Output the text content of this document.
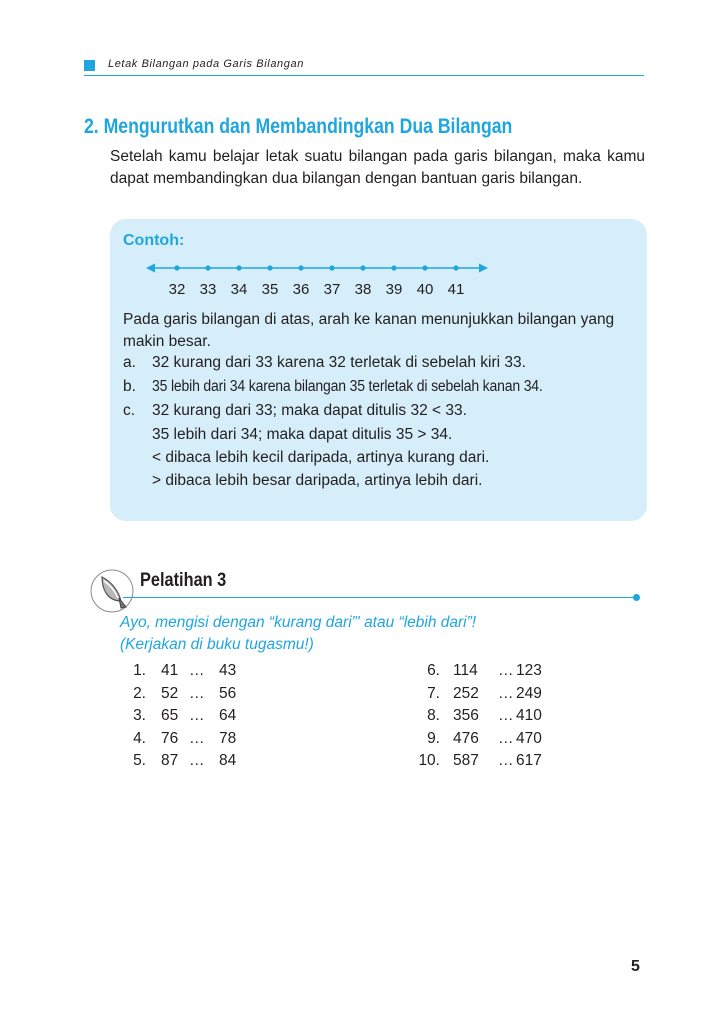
Letak Bilangan pada Garis Bilangan
2. Mengurutkan dan Membandingkan Dua Bilangan
Setelah kamu belajar letak suatu bilangan pada garis bilangan, maka kamu dapat membandingkan dua bilangan dengan bantuan garis bilangan.
Contoh:
32 33 34 35 36 37 38 39 40 41
Pada garis bilangan di atas, arah ke kanan menunjukkan bilangan yang makin besar.
a.	32 kurang dari 33 karena 32 terletak di sebelah kiri 33.
b.	35 lebih dari 34 karena bilangan 35 terletak di sebelah kanan 34.
c.	32 kurang dari 33; maka dapat ditulis 32 < 33.
35 lebih dari 34; maka dapat ditulis 35 > 34.
< dibaca lebih kecil daripada, artinya kurang dari.
> dibaca lebih besar daripada, artinya lebih dari.
Pelatihan 3
Ayo, mengisi dengan “kurang dari”' atau “lebih dari”!
(Kerjakan di buku tugasmu!)
1. 41 … 43
2. 52 … 56
3. 65 … 64
4. 76 … 78
5. 87 … 84
6. 114 … 123
7. 252 … 249
8. 356 … 410
9. 476 … 470
10. 587 … 617
5
